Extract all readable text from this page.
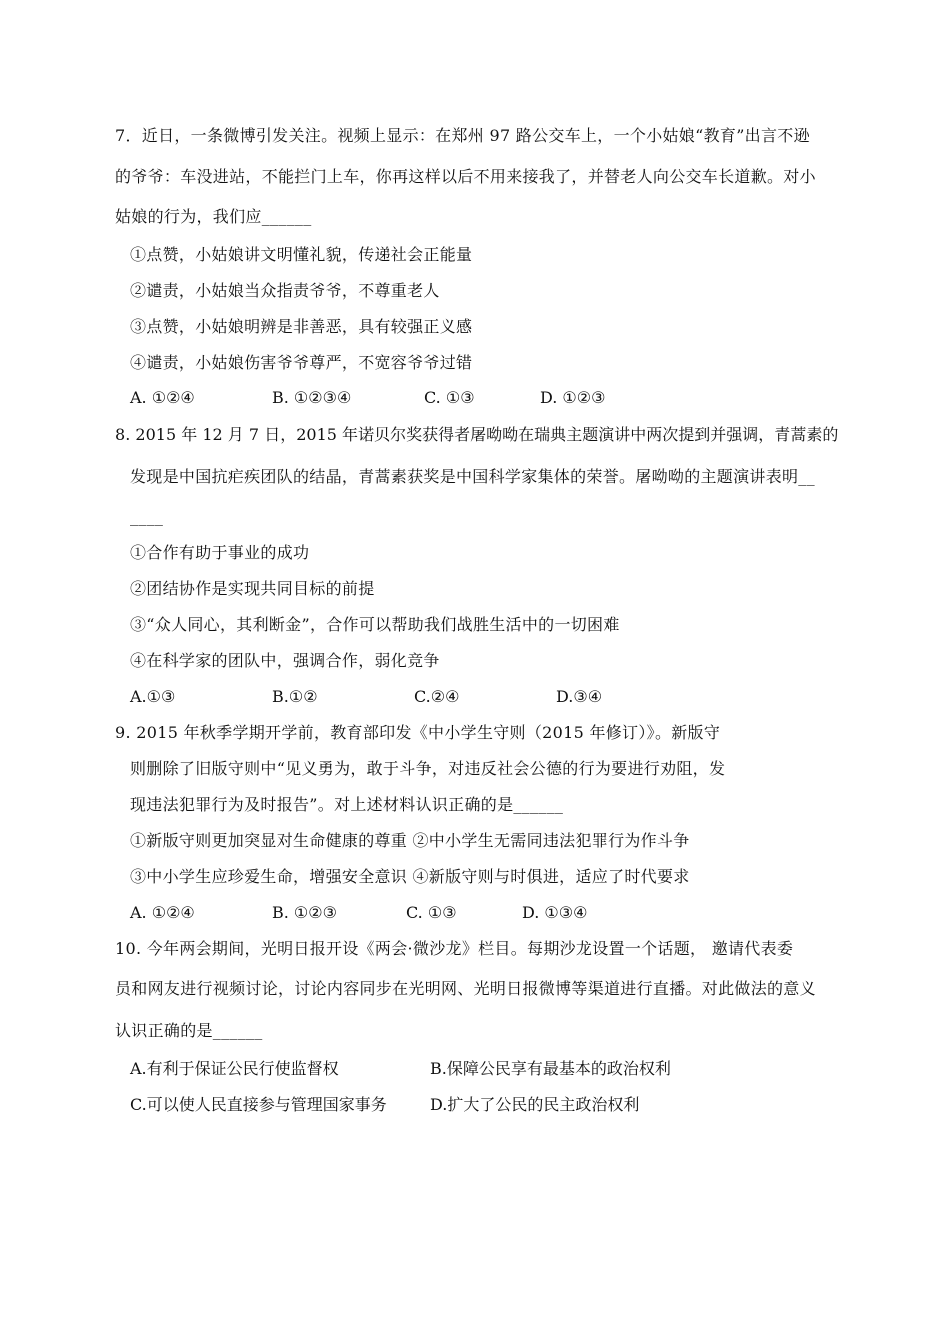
7．近日，一条微博引发关注。视频上显示：在郑州 97 路公交车上，一个小姑娘“教育”出言不逊
的爷爷：车没进站，不能拦门上车，你再这样以后不用来接我了，并替老人向公交车长道歉。对小
姑娘的行为，我们应______
①点赞，小姑娘讲文明懂礼貌，传递社会正能量
②谴责，小姑娘当众指责爷爷，不尊重老人
③点赞，小姑娘明辨是非善恶，具有较强正义感
④谴责，小姑娘伤害爷爷尊严，不宽容爷爷过错
A. ①②④	B. ①②③④	C. ①③	D. ①②③
8. 2015 年 12 月 7 日，2015 年诺贝尔奖获得者屠呦呦在瑞典主题演讲中两次提到并强调，青蒿素的
发现是中国抗疟疾团队的结晶，青蒿素获奖是中国科学家集体的荣誉。屠呦呦的主题演讲表明__
____
①合作有助于事业的成功
②团结协作是实现共同目标的前提
③“众人同心，其利断金”，合作可以帮助我们战胜生活中的一切困难
④在科学家的团队中，强调合作，弱化竞争
A.①③	B.①②	C.②④	D.③④
9. 2015 年秋季学期开学前，教育部印发《中小学生守则（2015 年修订）》。新版守
则删除了旧版守则中“见义勇为，敢于斗争，对违反社会公德的行为要进行劝阻，发
现违法犯罪行为及时报告”。对上述材料认识正确的是______
①新版守则更加突显对生命健康的尊重 ②中小学生无需同违法犯罪行为作斗争
③中小学生应珍爱生命，增强安全意识 ④新版守则与时俱进，适应了时代要求
A. ①②④	B. ①②③	C. ①③	D. ①③④
10. 今年两会期间，光明日报开设《两会·微沙龙》栏目。每期沙龙设置一个话题， 邀请代表委
员和网友进行视频讨论，讨论内容同步在光明网、光明日报微博等渠道进行直播。对此做法的意义
认识正确的是______
A.有利于保证公民行使监督权	B.保障公民享有最基本的政治权利
C.可以使人民直接参与管理国家事务	D.扩大了公民的民主政治权利
